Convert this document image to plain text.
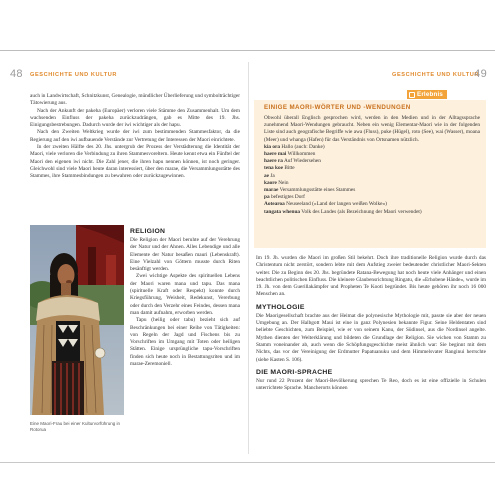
48 GESCHICHTE UND KULTUR	GESCHICHTE UND KULTUR
49

auch in Landwirtschaft, Schnitzkunst, Genealogie, mündlicher Überlieferung und symbolträchtiger Tätowierung aus.

Nach der Ankunft der pakeha (Europäer) verloren viele Stämme den Zusammenhalt. Um dem wachsenden Einfluss der pakeha zurückzudrängen, gab es Mitte des 19. Jhs. Einigungsbestrebungen. Dadurch wurde der iwi wichtiger als der hapu.

Nach den Zweiten Weltkrieg wurde der iwi zum bestimmenden Stammesfaktor, da die Regierung auf den iwi aufbauende Verstände zur Vertretung der Interessen der Maori einrichtete.

In der zweiten Hälfte des 20. Jhs. untergrub der Prozess der Verstädterung die Identität der Maori, viele verloren die Verbindung zu ihren Stammesvoreltern. Heute kennt etwa ein Fünftel der Maori den eigenen iwi nicht. Die Zahl jener, die ihren hapu nennen können, ist noch geringer. Gleichwohl sind viele Maori heute daran interessiert, über den marae, die Versammlungsstätte des Stammes, ihre Stammesbindungen zu bewahren oder zurückzugewinnen.

Eine Maori-Frau bei einer Kulturvorführung in Rotorua
RELIGION

Die Religion der Maori beruhte auf der Verehrung der Natur und der Ahnen. Alles Lebendige und alle Elemente der Natur besaßen mauri (Lebenskraft). Eine Vielzahl von Göttern musste durch Riten besänftigt werden.

Zwei wichtige Aspekte des spirituellen Lebens der Maori waren mana und tapu. Das mana (spirituelle Kraft oder Respekt) konnte durch Kriegsführung, Weisheit, Redekunst, Vererbung oder durch den Verzehr eines Feindes, dessen mana man damit aufnahm, erworben werden.

Tapu (heilig oder tabu) bezieht sich auf Beschränkungen bei einer Reihe von Tätigkeiten: von Regeln der Jagd und Fischens bis zu Vorschriften im Umgang mit Toten oder heiligen Stätten. Einige ursprüngliche tapu-Vorschriften finden sich heute noch in Bestattungsriten und im marae-Zeremoniell.

Erlebnis
EINIGE MAORI-WÖRTER UND -WENDUNGEN

Obwohl überall Englisch gesprochen wird, werden in den Medien und in der Alltagssprache zunehmend Maori-Wendungen gebraucht. Neben ein wenig Elementar-Maori wie in der folgenden Liste sind auch geografische Begriffe wie awa (Fluss), puke (Hügel), roto (See), wai (Wasser), moana (Meer) und whanga (Hafen) für das Verständnis von Ortsnamen nützlich.

kia ora Hallo (auch: Danke)
haere mai Willkommen
haere ra Auf Wiedersehen
tena koe Bitte
ae Ja
kaore Nein
marae Versammlungsstätte eines Stammes
pa befestigtes Dorf
Aotearoa Neuseeland (»Land der langen weißen Wolke«)
tangata whenua Volk des Landes (als Bezeichnung der Maori verwendet)

Im 19. Jh. wurden die Maori im großen Stil bekehrt. Doch ihre traditionelle Religion wurde durch das Christentum nicht zerstört, sondern lebte mit dem Aufstieg zweier bedeutender christlicher Maori-Sekten weiter. Die zu Beginn des 20. Jhs. begründete Ratana-Bewegung hat noch heute viele Anhänger und einen beachtlichen politischen Einfluss. Die kleinere Glaubensrichtung Ringatu, die »Erhobene Hände«, wurde im 19. Jh. von dem Guerillakämpfer und Propheten Te Kooti begründet. Bis heute gehören ihr noch 16 000 Menschen an.

MYTHOLOGIE

Die Maorigesellschaft brachte aus der Heimat die polynesische Mythologie mit, passte sie aber der neuen Umgebung an. Der Halbgott Maui ist eine in ganz Polynesien bekannte Figur. Seine Heldentaten sind beliebte Geschichten, zum Beispiel, wie er von seinem Kanu, der Südinsel, aus die Nordinsel angelte. Mythen dienten der Welterklärung und bildeten die Grundlage der Religion. Sie wichen von Stamm zu Stamm voneinander ab, auch wenn die Schöpfungsgeschichte meist ähnlich war: Sie beginnt mit dem Nichts, das vor der Vereinigung der Erdmutter Papatuanuku und dem Himmelsvater Ranginui herrschte (siehe Kasten S. 106).

DIE MAORI-SPRACHE

Nur rund 22 Prozent der Maori-Bevölkerung sprechen Te Reo, doch es ist eine offizielle in Schulen unterrichtete Sprache. Mancherorts können
